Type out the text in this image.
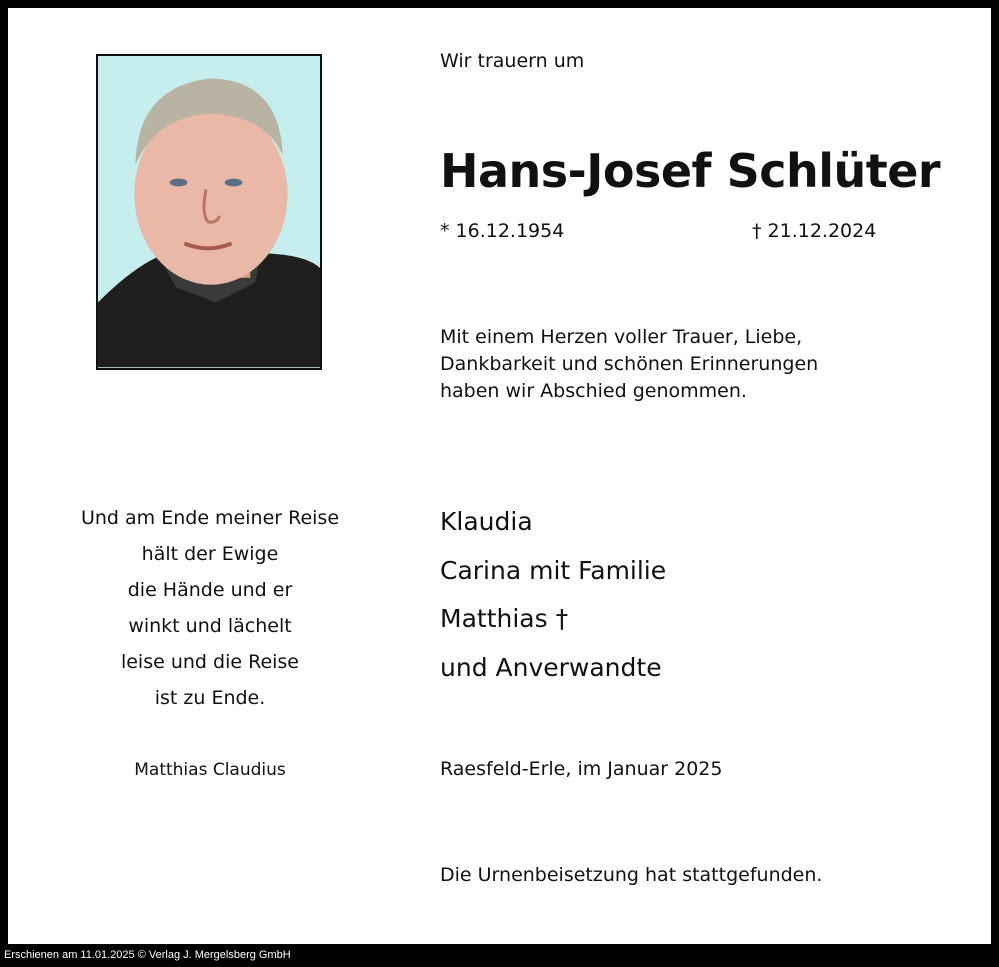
Wir trauern um
Hans-Josef Schlüter
* 16.12.1954	† 21.12.2024
Mit einem Herzen voller Trauer, Liebe,
Dankbarkeit und schönen Erinnerungen
haben wir Abschied genommen.
Und am Ende meiner Reise
hält der Ewige
die Hände und er
winkt und lächelt
leise und die Reise
ist zu Ende.
Matthias Claudius
Klaudia
Carina mit Familie
Matthias †
und Anverwandte
Raesfeld-Erle, im Januar 2025
Die Urnenbeisetzung hat stattgefunden.
Erschienen am 11.01.2025 © Verlag J. Mergelsberg GmbH
